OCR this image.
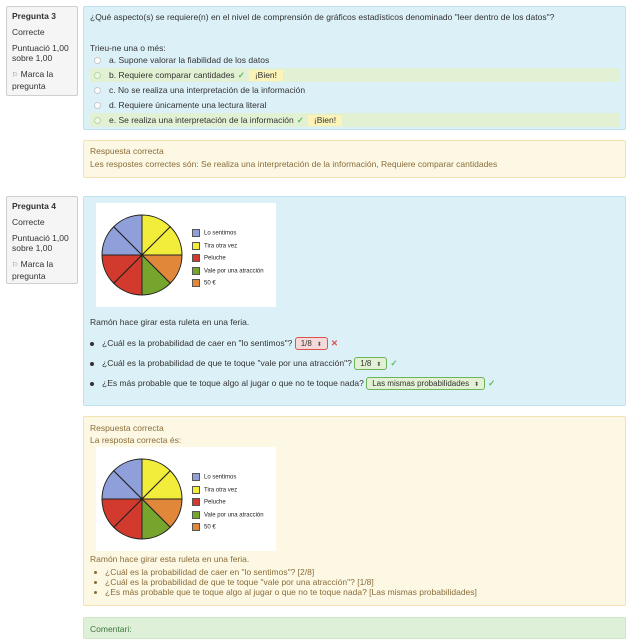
Pregunta 3
Correcte
Puntuació 1,00 sobre 1,00
⚐ Marca la pregunta
¿Qué aspecto(s) se requiere(n) en el nivel de comprensión de gráficos estadísticos denominado "leer dentro de los datos"?
Trieu-ne una o més:
a. Supone valorar la fiabilidad de los datos
b. Requiere comparar cantidades ✓ ¡Bien!
c. No se realiza una interpretación de la información
d. Requiere únicamente una lectura literal
e. Se realiza una interpretación de la información ✓ ¡Bien!
Respuesta correcta
Les respostes correctes són: Se realiza una interpretación de la información, Requiere comparar cantidades
Pregunta 4
Correcte
Puntuació 1,00 sobre 1,00
⚐ Marca la pregunta
Lo sentimos
Tira otra vez
Peluche
Vale por una atracción
50 €
Ramón hace girar esta ruleta en una feria.
¿Cuál es la probabilidad de caer en "lo sentimos"? 1/8 ⬍ ✕
¿Cuál es la probabilidad de que te toque "vale por una atracción"? 1/8 ⬍ ✓
¿Es más probable que te toque algo al jugar o que no te toque nada? Las mismas probabilidades ⬍ ✓
Respuesta correcta
La resposta correcta és:
Lo sentimos
Tira otra vez
Peluche
Vale por una atracción
50 €
Ramón hace girar esta ruleta en una feria.
¿Cuál es la probabilidad de caer en "lo sentimos"? [2/8]
¿Cuál es la probabilidad de que te toque "vale por una atracción"? [1/8]
¿Es más probable que te toque algo al jugar o que no te toque nada? [Las mismas probabilidades]
Comentari:
